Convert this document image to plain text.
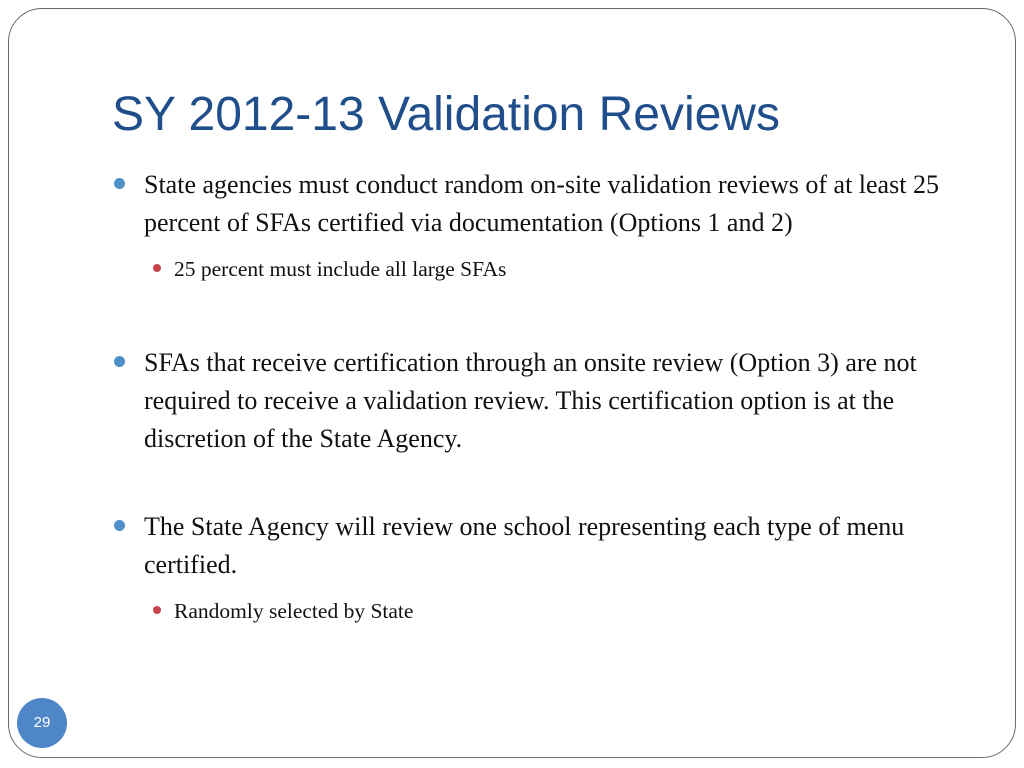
SY 2012-13 Validation Reviews
State agencies must conduct random on-site validation reviews of at least 25 percent of SFAs certified via documentation (Options 1 and 2)
25 percent must include all large SFAs
SFAs that receive certification through an onsite review (Option 3) are not required to receive a validation review. This certification option is at the discretion of the State Agency.
The State Agency will review one school representing each type of menu certified.
Randomly selected by State
29
